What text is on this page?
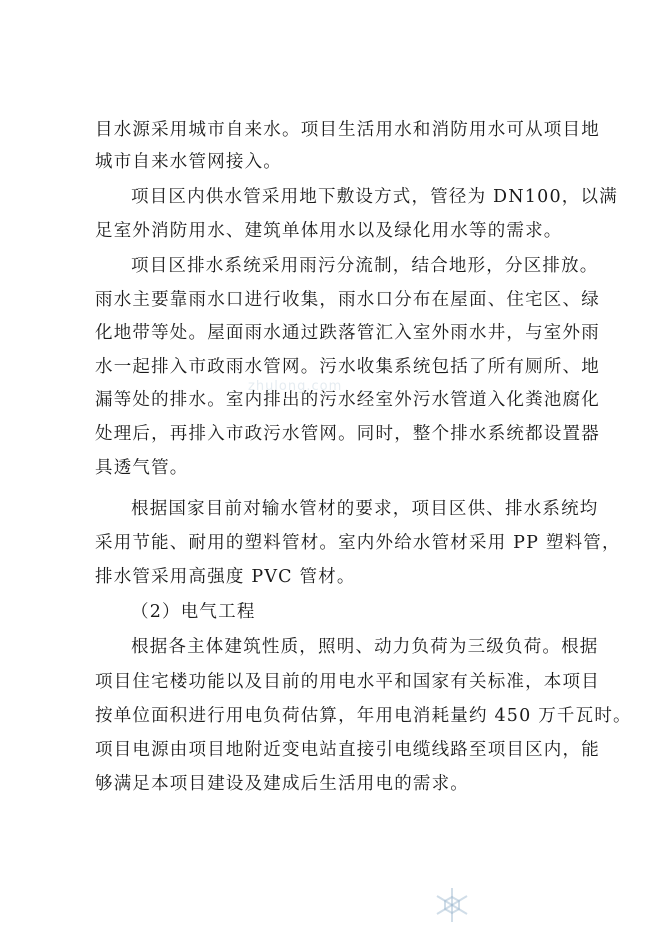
zhulong.com
目水源采用城市自来水。项目生活用水和消防用水可从项目地
城市自来水管网接入。
项目区内供水管采用地下敷设方式，管径为 DN100，以满
足室外消防用水、建筑单体用水以及绿化用水等的需求。
项目区排水系统采用雨污分流制，结合地形，分区排放。
雨水主要靠雨水口进行收集，雨水口分布在屋面、住宅区、绿
化地带等处。屋面雨水通过跌落管汇入室外雨水井，与室外雨
水一起排入市政雨水管网。污水收集系统包括了所有厕所、地
漏等处的排水。室内排出的污水经室外污水管道入化粪池腐化
处理后，再排入市政污水管网。同时，整个排水系统都设置器
具透气管。
根据国家目前对输水管材的要求，项目区供、排水系统均
采用节能、耐用的塑料管材。室内外给水管材采用 PP 塑料管，
排水管采用高强度 PVC 管材。
（2）电气工程
根据各主体建筑性质，照明、动力负荷为三级负荷。根据
项目住宅楼功能以及目前的用电水平和国家有关标准，本项目
按单位面积进行用电负荷估算，年用电消耗量约 450 万千瓦时。
项目电源由项目地附近变电站直接引电缆线路至项目区内，能
够满足本项目建设及建成后生活用电的需求。
